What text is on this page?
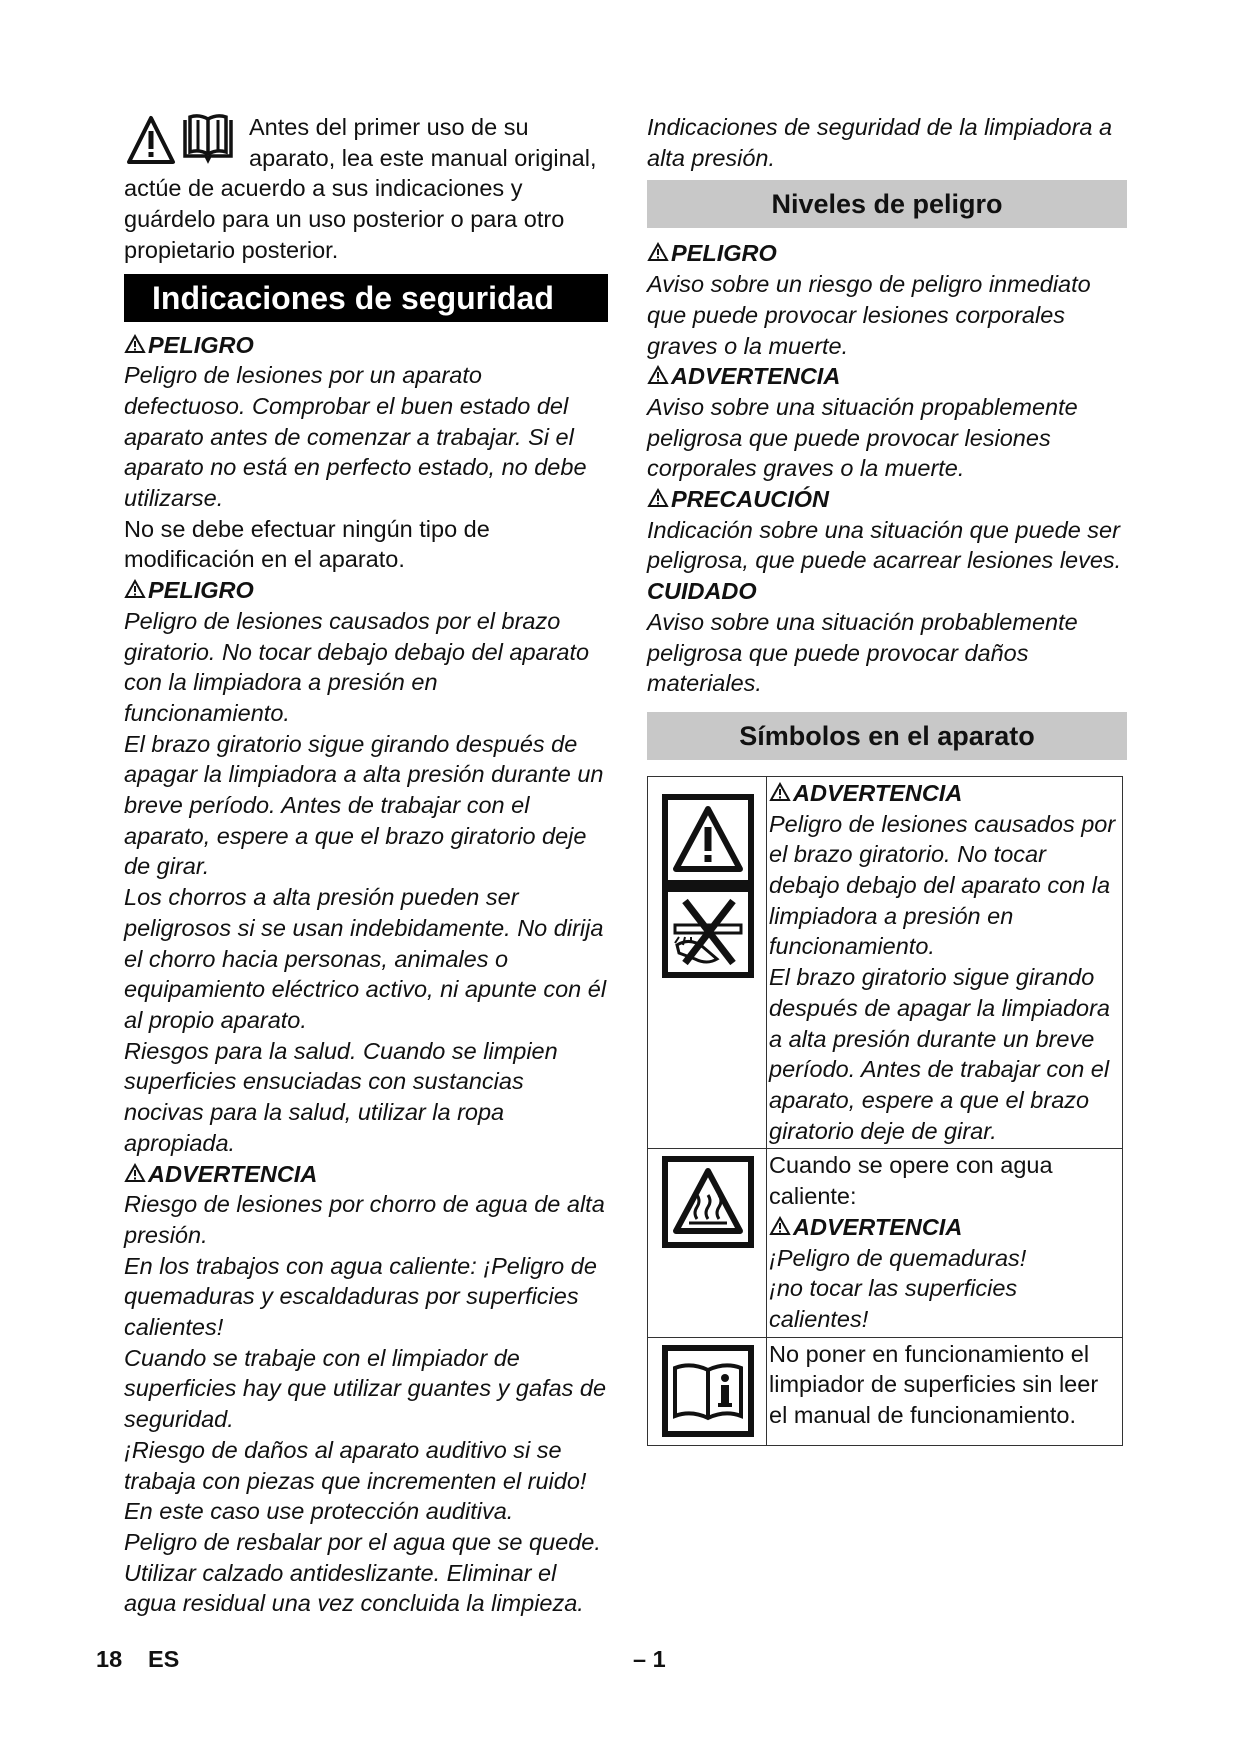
Antes del primer uso de su aparato, lea este manual original, actúe de acuerdo a sus indicaciones y guárdelo para un uso posterior o para otro propietario posterior.

Indicaciones de seguridad

PELIGRO

Peligro de lesiones por un aparato defectuoso. Comprobar el buen estado del aparato antes de comenzar a trabajar. Si el aparato no está en perfecto estado, no debe utilizarse.

No se debe efectuar ningún tipo de modificación en el aparato.

PELIGRO

Peligro de lesiones causados por el brazo giratorio. No tocar debajo debajo del aparato con la limpiadora a presión en funcionamiento.

El brazo giratorio sigue girando después de apagar la limpiadora a alta presión durante un breve período. Antes de trabajar con el aparato, espere a que el brazo giratorio deje de girar.

Los chorros a alta presión pueden ser peligrosos si se usan indebidamente. No dirija el chorro hacia personas, animales o equipamiento eléctrico activo, ni apunte con él al propio aparato.

Riesgos para la salud. Cuando se limpien superficies ensuciadas con sustancias nocivas para la salud, utilizar la ropa apropiada.

ADVERTENCIA

Riesgo de lesiones por chorro de agua de alta presión.

En los trabajos con agua caliente: ¡Peligro de quemaduras y escaldaduras por superficies calientes!

Cuando se trabaje con el limpiador de superficies hay que utilizar guantes y gafas de seguridad.

¡Riesgo de daños al aparato auditivo si se trabaja con piezas que incrementen el ruido! En este caso use protección auditiva.

Peligro de resbalar por el agua que se quede. Utilizar calzado antideslizante. Eliminar el agua residual una vez concluida la limpieza.

Indicaciones de seguridad de la limpiadora a alta presión.

Niveles de peligro

PELIGRO

Aviso sobre un riesgo de peligro inmediato que puede provocar lesiones corporales graves o la muerte.

ADVERTENCIA

Aviso sobre una situación propablemente peligrosa que puede provocar lesiones corporales graves o la muerte.

PRECAUCIÓN

Indicación sobre una situación que puede ser peligrosa, que puede acarrear lesiones leves.

CUIDADO

Aviso sobre una situación probablemente peligrosa que puede provocar daños materiales.

Símbolos en el aparato

ADVERTENCIA

Peligro de lesiones causados por el brazo giratorio. No tocar debajo debajo del aparato con la limpiadora a presión en funcionamiento.

El brazo giratorio sigue girando después de apagar la limpiadora a alta presión durante un breve período. Antes de trabajar con el aparato, espere a que el brazo giratorio deje de girar.

Cuando se opere con agua caliente:

ADVERTENCIA

¡Peligro de quemaduras!

¡no tocar las superficies calientes!

No poner en funcionamiento el limpiador de superficies sin leer el manual de funcionamiento.

18 ES	– 1
